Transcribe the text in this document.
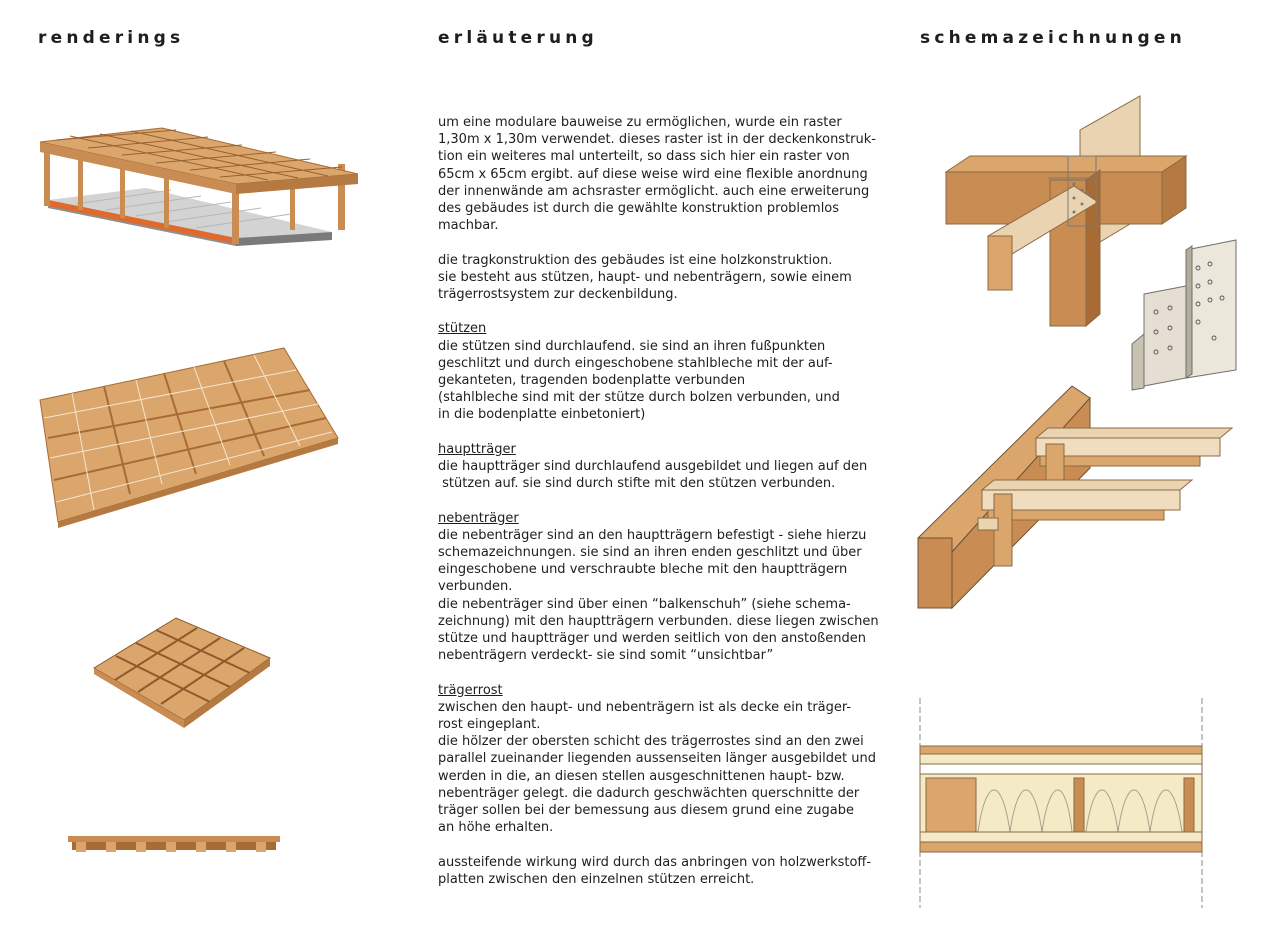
renderings	erläuterung	schemazeichnungen
um eine modulare bauweise zu ermöglichen, wurde ein raster
1,30m x 1,30m verwendet. dieses raster ist in der deckenkonstruk-
tion ein weiteres mal unterteilt, so dass sich hier ein raster von
65cm x 65cm ergibt. auf diese weise wird eine flexible anordnung
der innenwände am achsraster ermöglicht. auch eine erweiterung
des gebäudes ist durch die gewählte konstruktion problemlos
machbar.
die tragkonstruktion des gebäudes ist eine holzkonstruktion.
sie besteht aus stützen, haupt- und nebenträgern, sowie einem
trägerrostsystem zur deckenbildung.
stützen
die stützen sind durchlaufend. sie sind an ihren fußpunkten
geschlitzt und durch eingeschobene stahlbleche mit der auf-
gekanteten, tragenden bodenplatte verbunden
(stahlbleche sind mit der stütze durch bolzen verbunden, und
in die bodenplatte einbetoniert)
hauptträger
die hauptträger sind durchlaufend ausgebildet und liegen auf den
stützen auf. sie sind durch stifte mit den stützen verbunden.
nebenträger
die nebenträger sind an den hauptträgern befestigt - siehe hierzu
schemazeichnungen. sie sind an ihren enden geschlitzt und über
eingeschobene und verschraubte bleche mit den hauptträgern
verbunden.
die nebenträger sind über einen “balkenschuh” (siehe schema-
zeichnung) mit den hauptträgern verbunden. diese liegen zwischen
stütze und hauptträger und werden seitlich von den anstoßenden
nebenträgern verdeckt- sie sind somit “unsichtbar”
trägerrost
zwischen den haupt- und nebenträgern ist als decke ein träger-
rost eingeplant.
die hölzer der obersten schicht des trägerrostes sind an den zwei
parallel zueinander liegenden aussenseiten länger ausgebildet und
werden in die, an diesen stellen ausgeschnittenen haupt- bzw.
nebenträger gelegt. die dadurch geschwächten querschnitte der
träger sollen bei der bemessung aus diesem grund eine zugabe
an höhe erhalten.
aussteifende wirkung wird durch das anbringen von holzwerkstoff-
platten zwischen den einzelnen stützen erreicht.
